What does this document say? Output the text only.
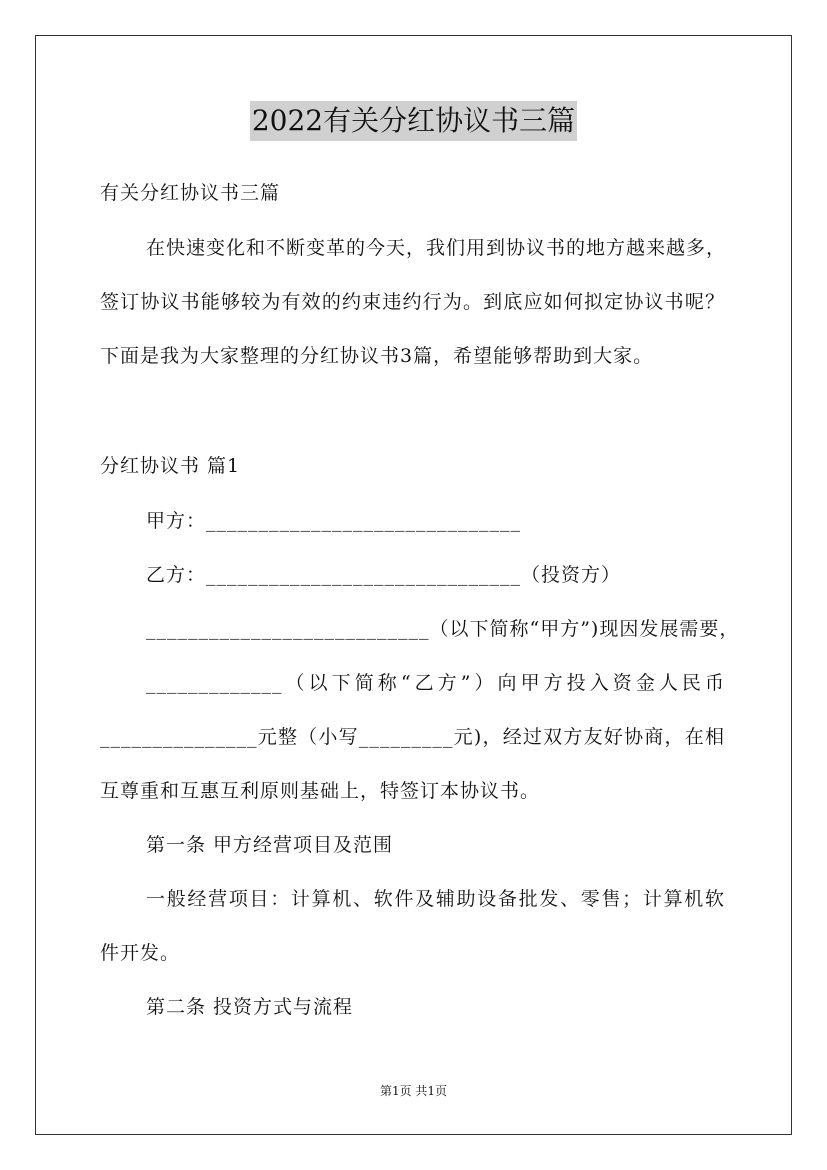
2022有关分红协议书三篇
有关分红协议书三篇
在快速变化和不断变革的今天，我们用到协议书的地方越来越多，
签订协议书能够较为有效的约束违约行为。到底应如何拟定协议书呢？
下面是我为大家整理的分红协议书3篇，希望能够帮助到大家。
分红协议书 篇1
甲方：______________________________
乙方：______________________________（投资方）
___________________________（以下简称“甲方”)现因发展需要，
_____________（以下简称“乙方”）向甲方投入资金人民币
_______________元整（小写_________元)，经过双方友好协商，在相
互尊重和互惠互利原则基础上，特签订本协议书。
第一条 甲方经营项目及范围
一般经营项目：计算机、软件及辅助设备批发、零售；计算机软
件开发。
第二条 投资方式与流程
第1页 共1页
